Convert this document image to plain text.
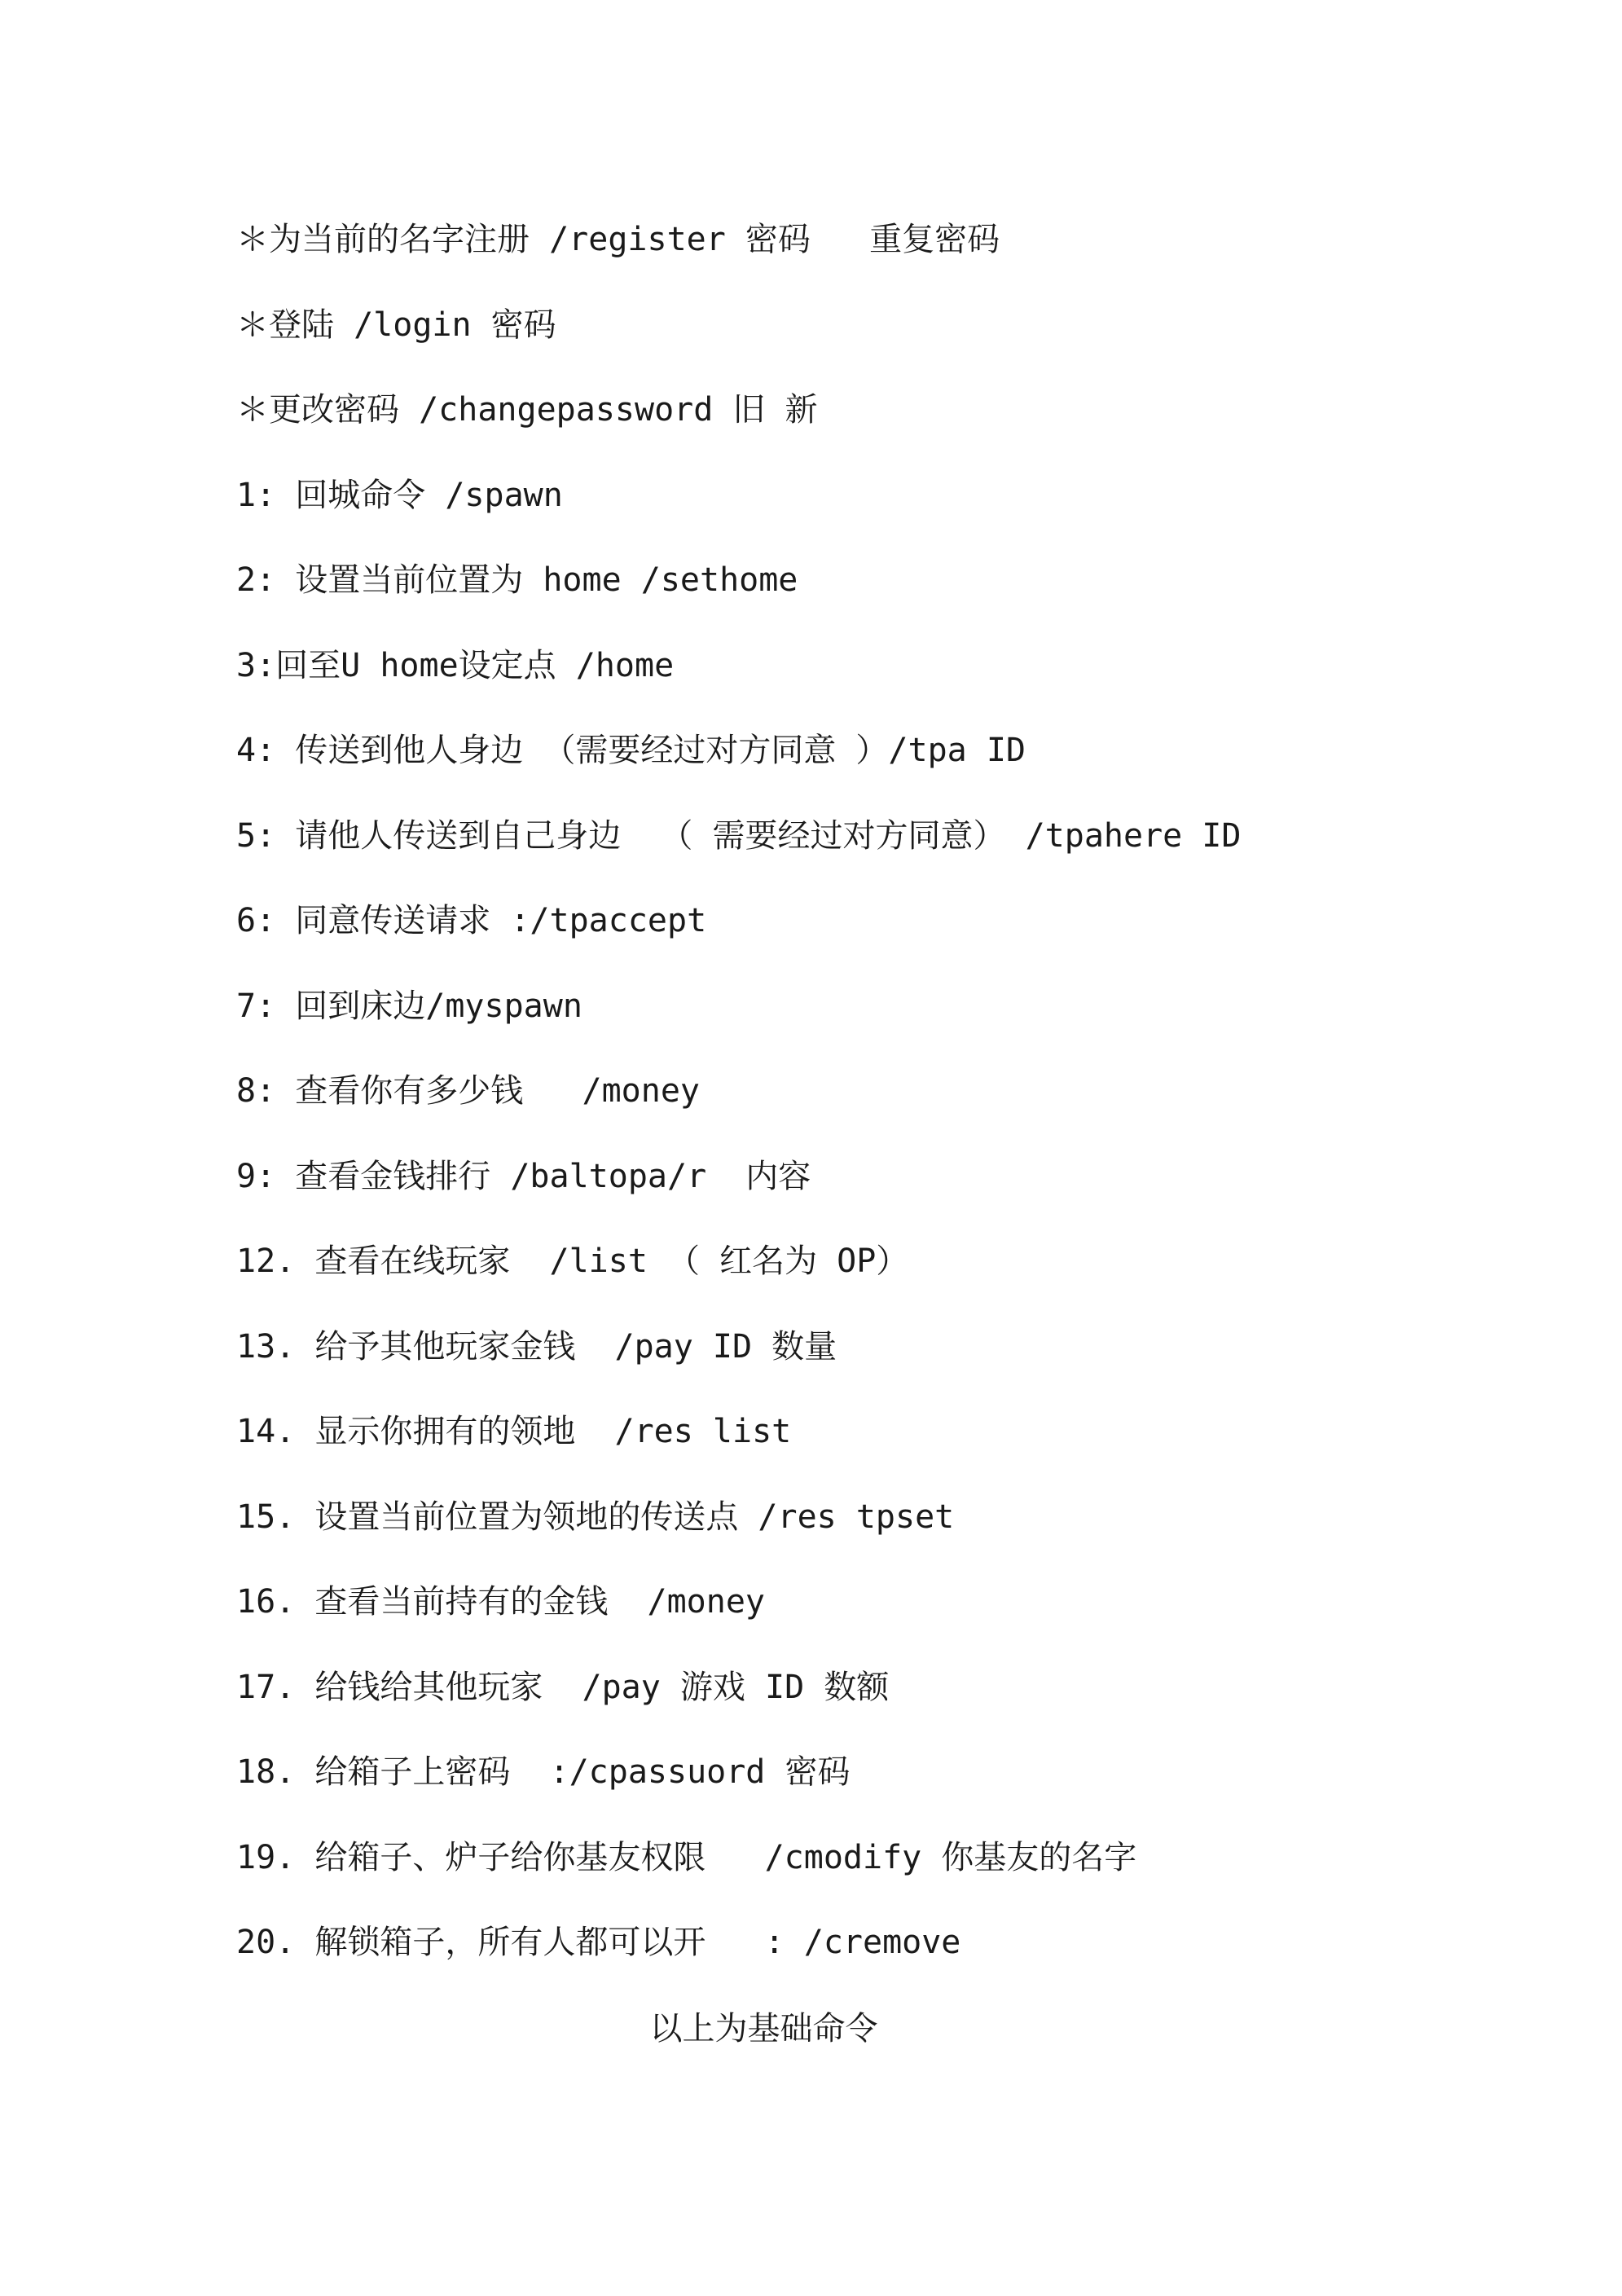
＊为当前的名字注册 /register 密码   重复密码
＊登陆 /login 密码
＊更改密码 /changepassword 旧 新
1: 回城命令 /spawn
2: 设置当前位置为 home /sethome
3:回至U home设定点 /home
4: 传送到他人身边 （需要经过对方同意 ）/tpa ID
5: 请他人传送到自己身边  （ 需要经过对方同意） /tpahere ID
6: 同意传送请求 :/tpaccept
7: 回到床边/myspawn
8: 查看你有多少钱   /money
9: 查看金钱排行 /baltopa/r  内容
12. 查看在线玩家  /list （ 红名为 OP）
13. 给予其他玩家金钱  /pay ID 数量
14. 显示你拥有的领地  /res list
15. 设置当前位置为领地的传送点 /res tpset
16. 查看当前持有的金钱  /money
17. 给钱给其他玩家  /pay 游戏 ID 数额
18. 给箱子上密码  :/cpassuord 密码
19. 给箱子、炉子给你基友权限   /cmodify 你基友的名字
20. 解锁箱子，所有人都可以开   : /cremove
以上为基础命令
